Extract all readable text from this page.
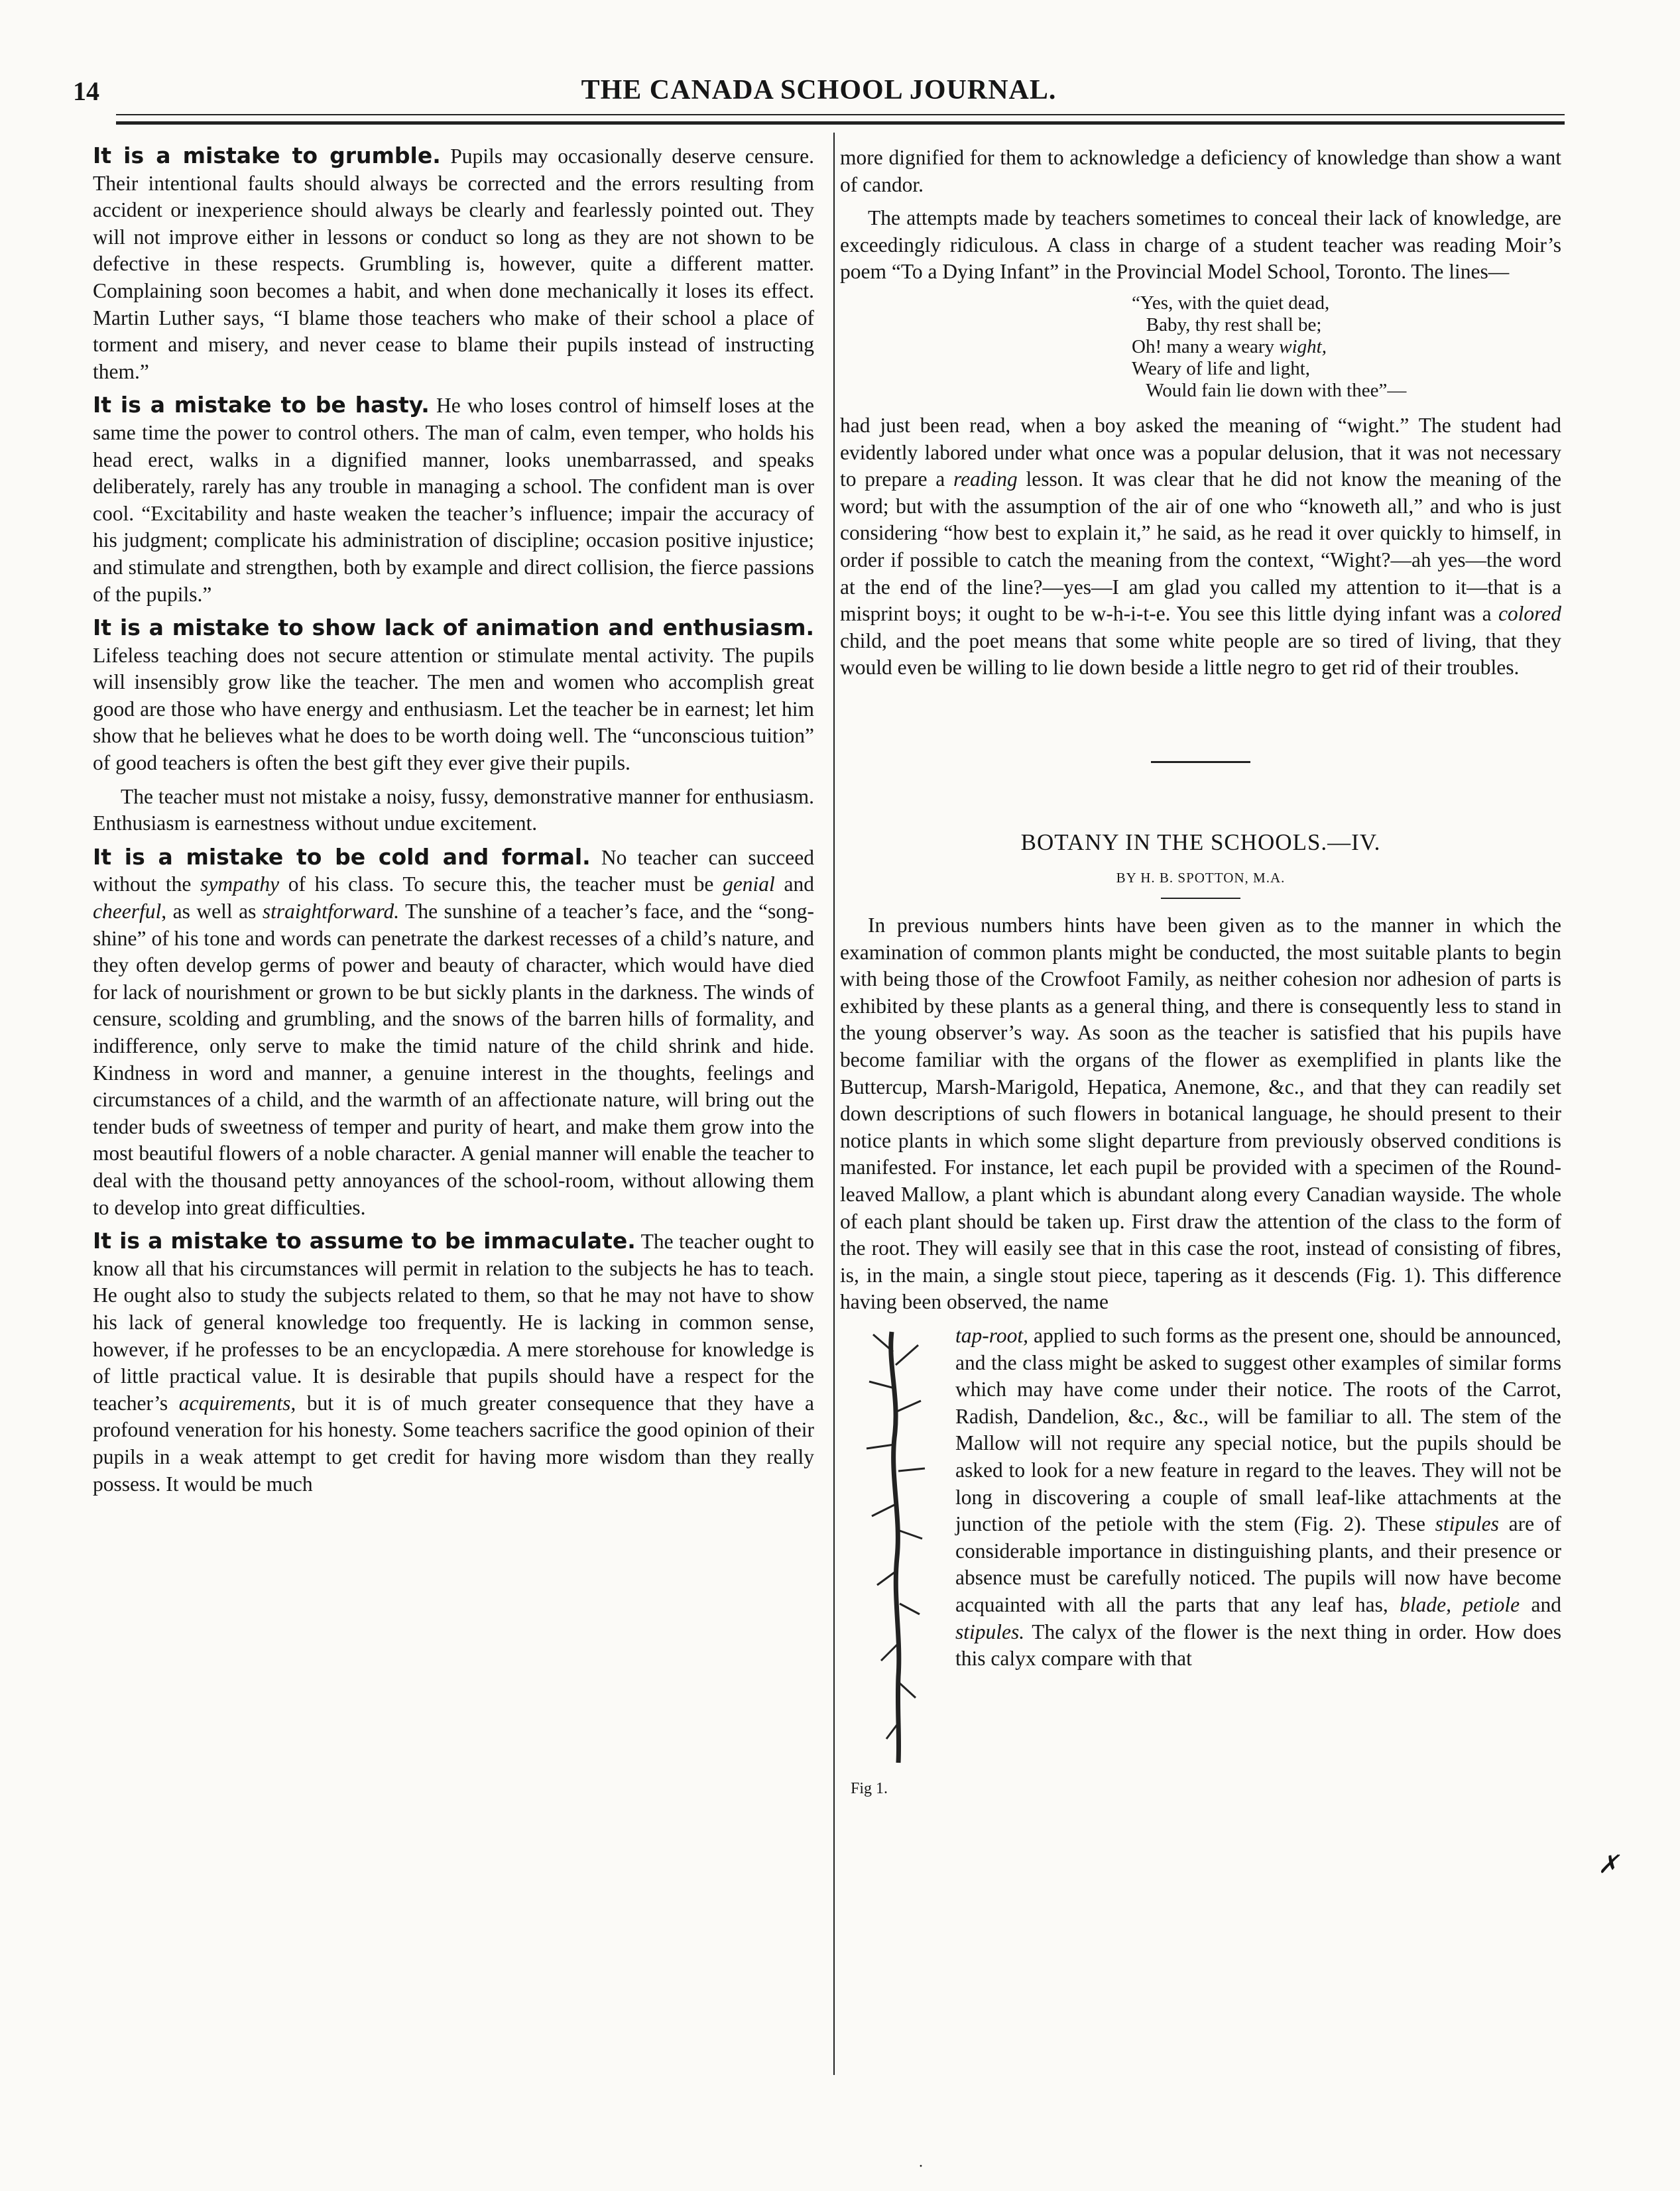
14	THE CANADA SCHOOL JOURNAL.

It is a mistake to grumble. Pupils may occasionally deserve censure. Their intentional faults should always be corrected and the errors resulting from accident or inexperience should always be clearly and fearlessly pointed out. They will not improve either in lessons or conduct so long as they are not shown to be defective in these respects. Grumbling is, however, quite a different matter. Complaining soon becomes a habit, and when done mechanically it loses its effect. Martin Luther says, “I blame those teachers who make of their school a place of torment and misery, and never cease to blame their pupils instead of instructing them.”

It is a mistake to be hasty. He who loses control of himself loses at the same time the power to control others. The man of calm, even temper, who holds his head erect, walks in a dignified manner, looks unembarrassed, and speaks deliberately, rarely has any trouble in managing a school. The confident man is over cool. “Excitability and haste weaken the teacher’s influence; impair the accuracy of his judgment; complicate his administration of discipline; occasion positive injustice; and stimulate and strengthen, both by example and direct collision, the fierce passions of the pupils.”

It is a mistake to show lack of animation and enthusiasm. Lifeless teaching does not secure attention or stimulate mental activity. The pupils will insensibly grow like the teacher. The men and women who accomplish great good are those who have energy and enthusiasm. Let the teacher be in earnest; let him show that he believes what he does to be worth doing well. The “unconscious tuition” of good teachers is often the best gift they ever give their pupils.

The teacher must not mistake a noisy, fussy, demonstrative manner for enthusiasm. Enthusiasm is earnestness without undue excitement.

It is a mistake to be cold and formal. No teacher can succeed without the sympathy of his class. To secure this, the teacher must be genial and cheerful, as well as straightforward. The sunshine of a teacher’s face, and the “song-shine” of his tone and words can penetrate the darkest recesses of a child’s nature, and they often develop germs of power and beauty of character, which would have died for lack of nourishment or grown to be but sickly plants in the darkness. The winds of censure, scolding and grumbling, and the snows of the barren hills of formality, and indifference, only serve to make the timid nature of the child shrink and hide. Kindness in word and manner, a genuine interest in the thoughts, feelings and circumstances of a child, and the warmth of an affectionate nature, will bring out the tender buds of sweetness of temper and purity of heart, and make them grow into the most beautiful flowers of a noble character. A genial manner will enable the teacher to deal with the thousand petty annoyances of the school-room, without allowing them to develop into great difficulties.

It is a mistake to assume to be immaculate. The teacher ought to know all that his circumstances will permit in relation to the subjects he has to teach. He ought also to study the subjects related to them, so that he may not have to show his lack of general knowledge too frequently. He is lacking in common sense, however, if he professes to be an encyclopædia. A mere storehouse for knowledge is of little practical value. It is desirable that pupils should have a respect for the teacher’s acquirements, but it is of much greater consequence that they have a profound veneration for his honesty. Some teachers sacrifice the good opinion of their pupils in a weak attempt to get credit for having more wisdom than they really possess. It would be much

more dignified for them to acknowledge a deficiency of knowledge than show a want of candor.

The attempts made by teachers sometimes to conceal their lack of knowledge, are exceedingly ridiculous. A class in charge of a student teacher was reading Moir’s poem “To a Dying Infant” in the Provincial Model School, Toronto. The lines—

“Yes, with the quiet dead,
Baby, thy rest shall be;
Oh! many a weary wight,
Weary of life and light,
Would fain lie down with thee”—

had just been read, when a boy asked the meaning of “wight.” The student had evidently labored under what once was a popular delusion, that it was not necessary to prepare a reading lesson. It was clear that he did not know the meaning of the word; but with the assumption of the air of one who “knoweth all,” and who is just considering “how best to explain it,” he said, as he read it over quickly to himself, in order if possible to catch the meaning from the context, “Wight?—ah yes—the word at the end of the line?—yes—I am glad you called my attention to it—that is a misprint boys; it ought to be w-h-i-t-e. You see this little dying infant was a colored child, and the poet means that some white people are so tired of living, that they would even be willing to lie down beside a little negro to get rid of their troubles.

BOTANY IN THE SCHOOLS.—IV.
BY H. B. SPOTTON, M.A.

In previous numbers hints have been given as to the manner in which the examination of common plants might be conducted, the most suitable plants to begin with being those of the Crowfoot Family, as neither cohesion nor adhesion of parts is exhibited by these plants as a general thing, and there is consequently less to stand in the young observer’s way. As soon as the teacher is satisfied that his pupils have become familiar with the organs of the flower as exemplified in plants like the Buttercup, Marsh-Marigold, Hepatica, Anemone, &c., and that they can readily set down descriptions of such flowers in botanical language, he should present to their notice plants in which some slight departure from previously observed conditions is manifested. For instance, let each pupil be provided with a specimen of the Round-leaved Mallow, a plant which is abundant along every Canadian wayside. The whole of each plant should be taken up. First draw the attention of the class to the form of the root. They will easily see that in this case the root, instead of consisting of fibres, is, in the main, a single stout piece, tapering as it descends (Fig. 1). This difference having been observed, the name

Fig 1.
tap-root, applied to such forms as the present one, should be announced, and the class might be asked to suggest other examples of similar forms which may have come under their notice. The roots of the Carrot, Radish, Dandelion, &c., &c., will be familiar to all. The stem of the Mallow will not require any special notice, but the pupils should be asked to look for a new feature in regard to the leaves. They will not be long in discovering a couple of small leaf-like attachments at the junction of the petiole with the stem (Fig. 2). These stipules are of considerable importance in distinguishing plants, and their presence or absence must be carefully noticed. The pupils will now have become acquainted with all the parts that any leaf has, blade, petiole and stipules. The calyx of the flower is the next thing in order. How does this calyx compare with that

✗
·
